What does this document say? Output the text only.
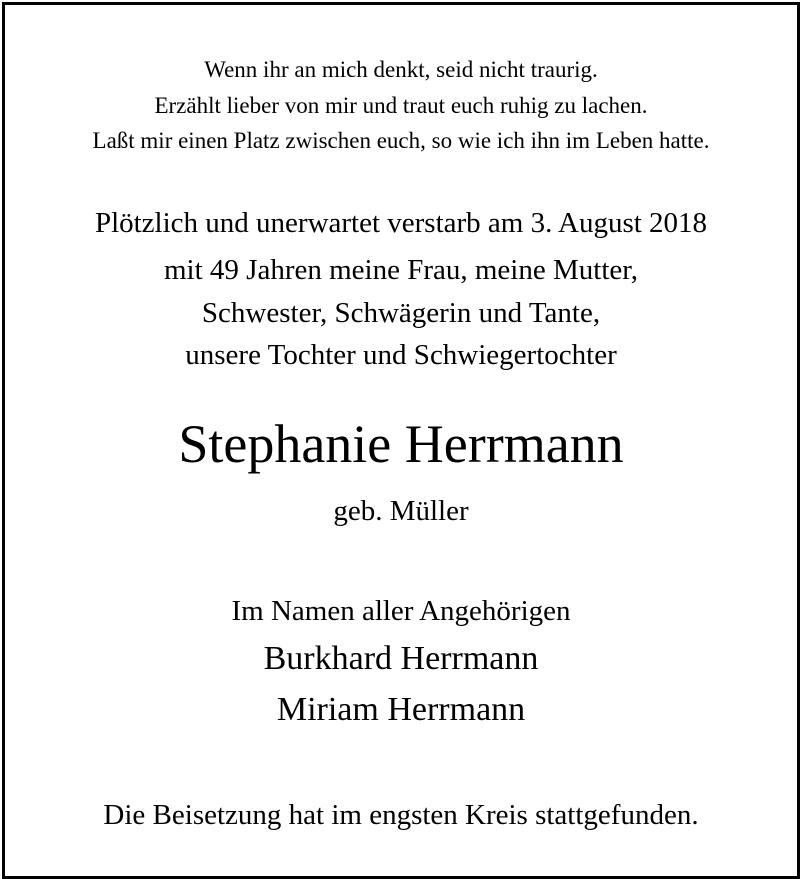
Wenn ihr an mich denkt, seid nicht traurig.
Erzählt lieber von mir und traut euch ruhig zu lachen.
Laßt mir einen Platz zwischen euch, so wie ich ihn im Leben hatte.
Plötzlich und unerwartet verstarb am 3. August 2018
mit 49 Jahren meine Frau, meine Mutter,
Schwester, Schwägerin und Tante,
unsere Tochter und Schwiegertochter
Stephanie Herrmann
geb. Müller
Im Namen aller Angehörigen
Burkhard Herrmann
Miriam Herrmann
Die Beisetzung hat im engsten Kreis stattgefunden.
